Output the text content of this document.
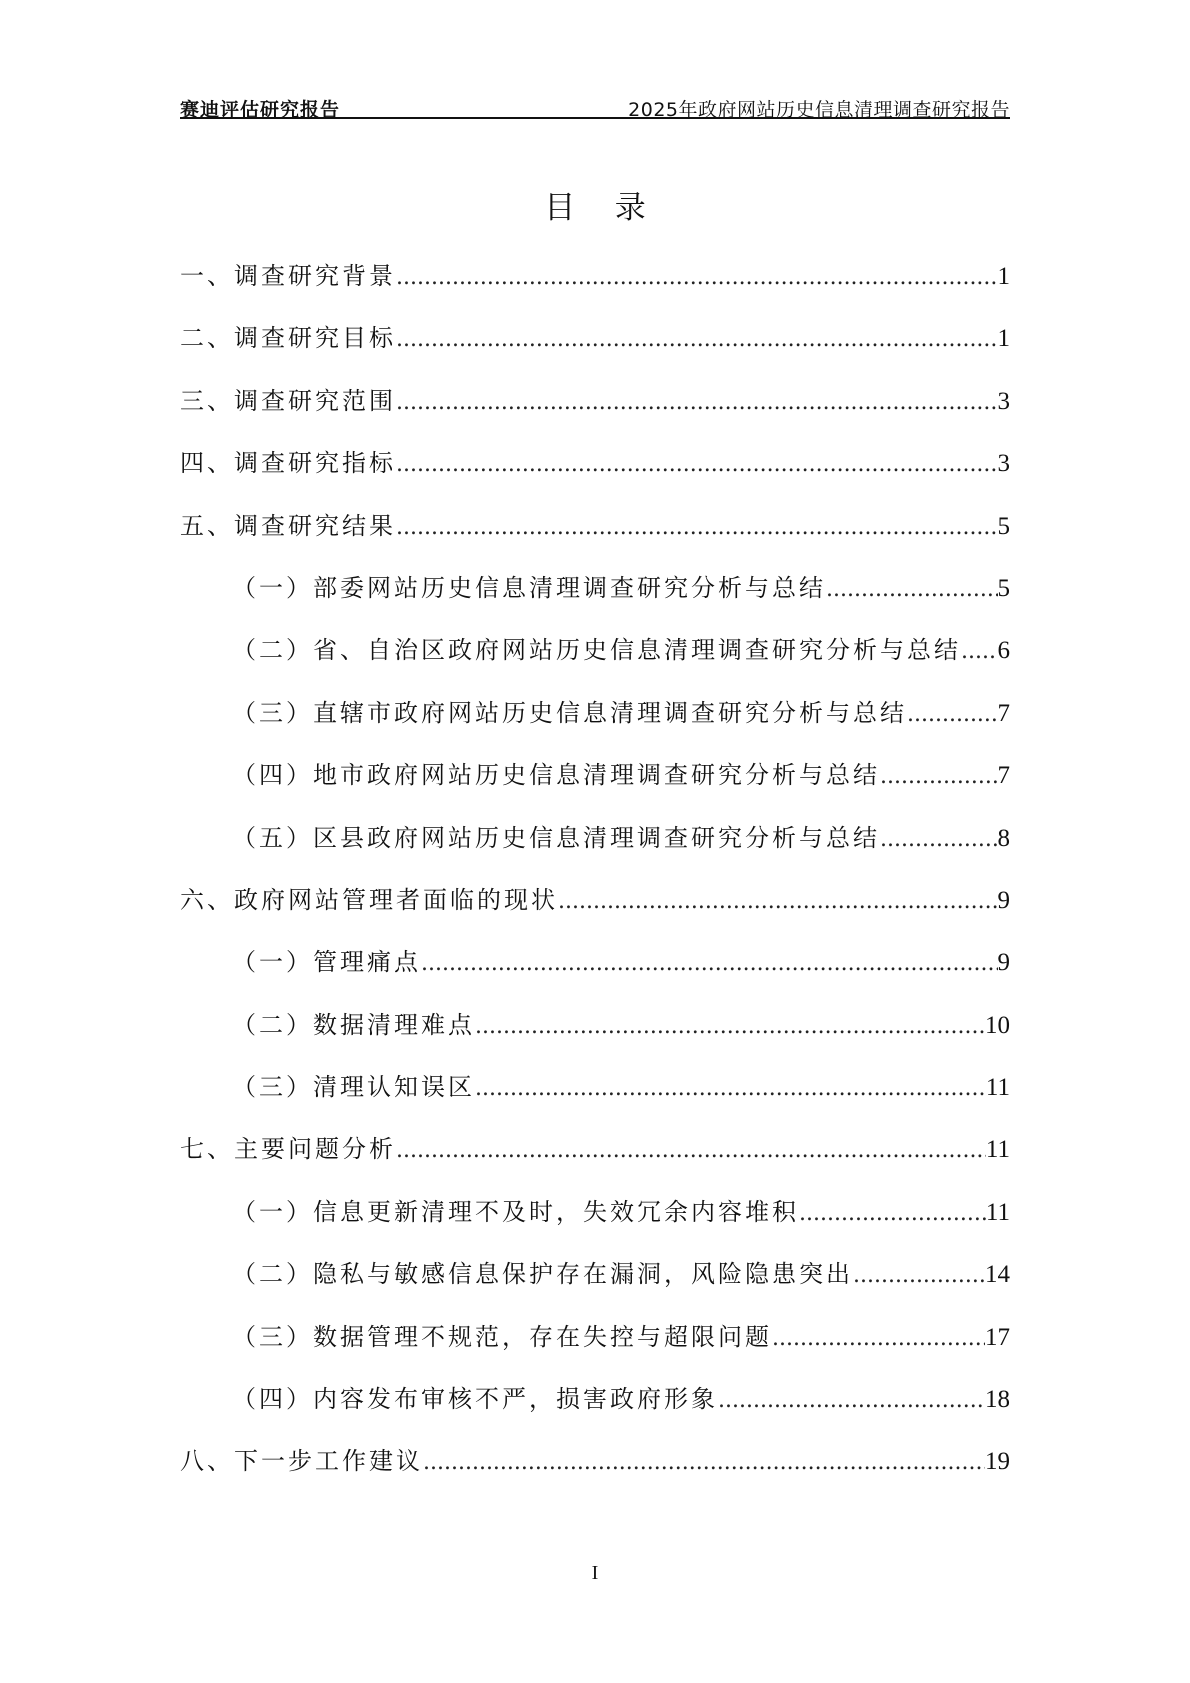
赛迪评估研究报告	2025年政府网站历史信息清理调查研究报告
目    录
一、调查研究背景 .....	1
二、调查研究目标 .....	1
三、调查研究范围 .....	3
四、调查研究指标 .....	3
五、调查研究结果 .....	5
（一）部委网站历史信息清理调查研究分析与总结 .....	5
（二）省、自治区政府网站历史信息清理调查研究分析与总结 ..... 6
（三）直辖市政府网站历史信息清理调查研究分析与总结 .....	7
（四）地市政府网站历史信息清理调查研究分析与总结 .....	7
（五）区县政府网站历史信息清理调查研究分析与总结 .....	8
六、政府网站管理者面临的现状 .....	9
（一）管理痛点 .....	9
（二）数据清理难点 .....	10
（三）清理认知误区 .....	11
七、主要问题分析 .....	11
（一）信息更新清理不及时，失效冗余内容堆积 .....	11
（二）隐私与敏感信息保护存在漏洞，风险隐患突出 .....	14
（三）数据管理不规范，存在失控与超限问题 .....	17
（四）内容发布审核不严，损害政府形象 .....	18
八、下一步工作建议 .....	19
I
